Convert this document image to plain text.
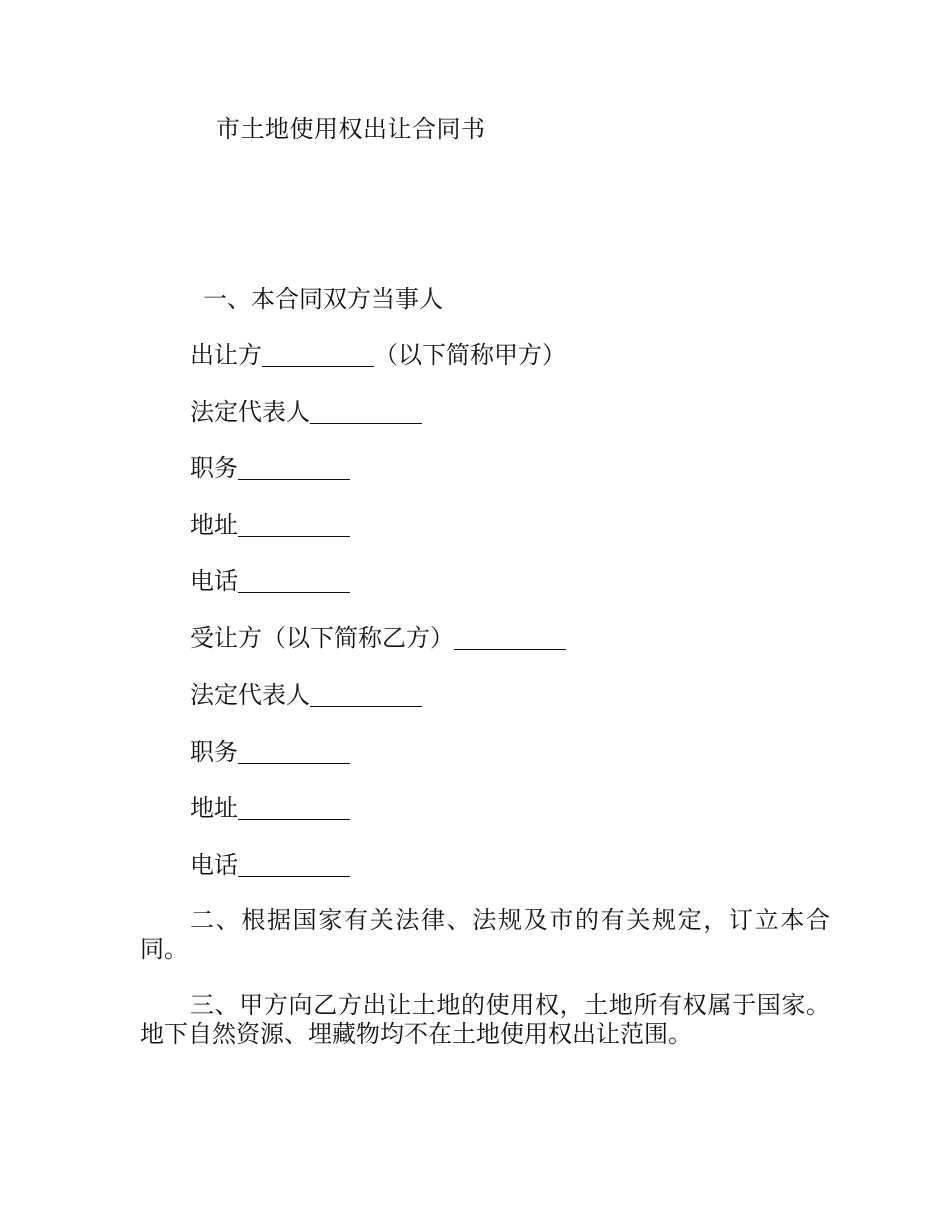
市土地使用权出让合同书
一、本合同双方当事人
出让方	（以下简称甲方）
法定代表人
职务
地址
电话
受让方（以下简称乙方）
法定代表人
职务
地址
电话
二、根据国家有关法律、法规及市的有关规定，订立本合同。
三、甲方向乙方出让土地的使用权，土地所有权属于国家。地下自然资源、埋藏物均不在土地使用权出让范围。
